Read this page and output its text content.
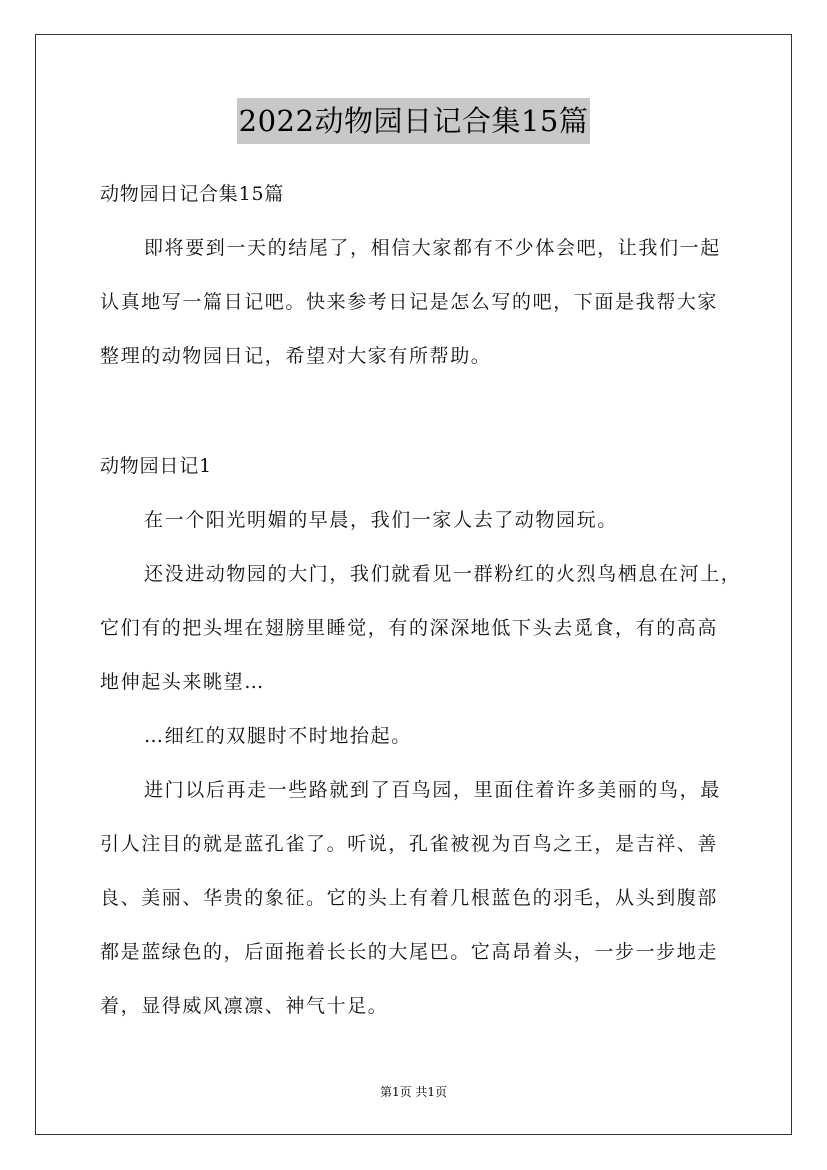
2022动物园日记合集15篇
动物园日记合集15篇
即将要到一天的结尾了，相信大家都有不少体会吧，让我们一起
认真地写一篇日记吧。快来参考日记是怎么写的吧，下面是我帮大家
整理的动物园日记，希望对大家有所帮助。
动物园日记1
在一个阳光明媚的早晨，我们一家人去了动物园玩。
还没进动物园的大门，我们就看见一群粉红的火烈鸟栖息在河上，
它们有的把头埋在翅膀里睡觉，有的深深地低下头去觅食，有的高高
地伸起头来眺望…
…细红的双腿时不时地抬起。
进门以后再走一些路就到了百鸟园，里面住着许多美丽的鸟，最
引人注目的就是蓝孔雀了。听说，孔雀被视为百鸟之王，是吉祥、善
良、美丽、华贵的象征。它的头上有着几根蓝色的羽毛，从头到腹部
都是蓝绿色的，后面拖着长长的大尾巴。它高昂着头，一步一步地走
着，显得威风凛凛、神气十足。
第1页 共1页
